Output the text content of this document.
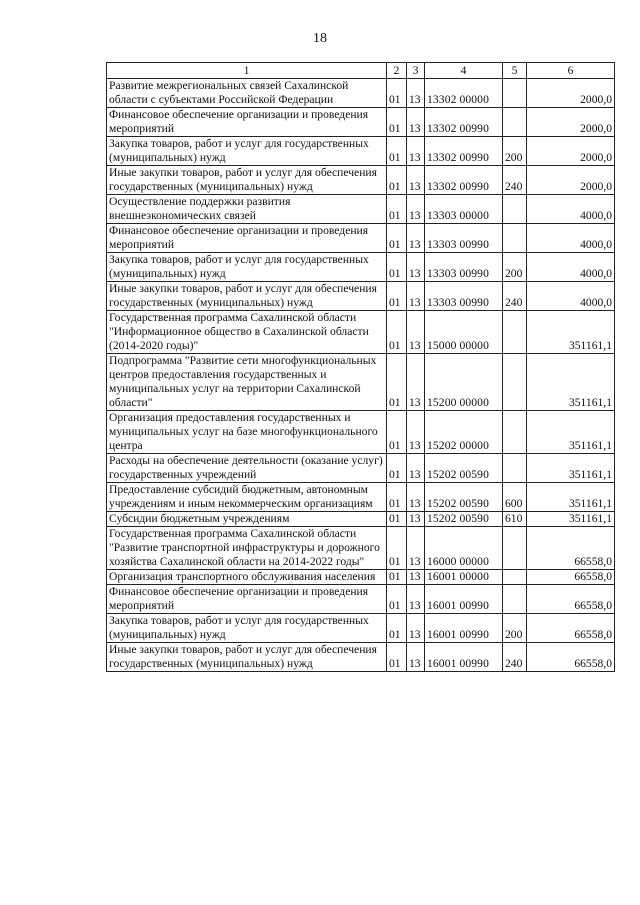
18
1	2	3	4	5	6
Развитие межрегиональных связей Сахалинской области с субъектами Российской Федерации	01	13	13302 00000		2000,0
Финансовое обеспечение организации и проведения мероприятий	01	13	13302 00990		2000,0
Закупка товаров, работ и услуг для государственных (муниципальных) нужд	01	13	13302 00990	200	2000,0
Иные закупки товаров, работ и услуг для обеспечения государственных (муниципальных) нужд	01	13	13302 00990	240	2000,0
Осуществление поддержки развития внешнеэкономических связей	01	13	13303 00000		4000,0
Финансовое обеспечение организации и проведения мероприятий	01	13	13303 00990		4000,0
Закупка товаров, работ и услуг для государственных (муниципальных) нужд	01	13	13303 00990	200	4000,0
Иные закупки товаров, работ и услуг для обеспечения государственных (муниципальных) нужд	01	13	13303 00990	240	4000,0
Государственная программа Сахалинской области "Информационное общество в Сахалинской области (2014-2020 годы)"	01	13	15000 00000		351161,1
Подпрограмма "Развитие сети многофункциональных центров предоставления государственных и муниципальных услуг на территории Сахалинской области"	01	13	15200 00000		351161,1
Организация предоставления государственных и муниципальных услуг на базе многофункционального центра	01	13	15202 00000		351161,1
Расходы на обеспечение деятельности (оказание услуг) государственных учреждений	01	13	15202 00590		351161,1
Предоставление субсидий бюджетным, автономным учреждениям и иным некоммерческим организациям	01	13	15202 00590	600	351161,1
Субсидии бюджетным учреждениям	01	13	15202 00590	610	351161,1
Государственная программа Сахалинской области "Развитие транспортной инфраструктуры и дорожного хозяйства Сахалинской области на 2014-2022 годы"	01	13	16000 00000		66558,0
Организация транспортного обслуживания населения	01	13	16001 00000		66558,0
Финансовое обеспечение организации и проведения мероприятий	01	13	16001 00990		66558,0
Закупка товаров, работ и услуг для государственных (муниципальных) нужд	01	13	16001 00990	200	66558,0
Иные закупки товаров, работ и услуг для обеспечения государственных (муниципальных) нужд	01	13	16001 00990	240	66558,0
